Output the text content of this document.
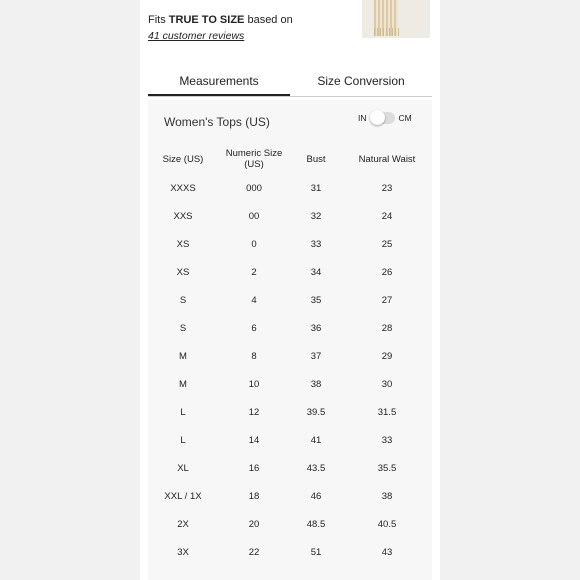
Fits TRUE TO SIZE based on
41 customer reviews
Measurements	Size Conversion
Women's Tops (US)	IN	CM
Size (US)	Numeric Size (US)	Bust	Natural Waist
XXXS	000	31	23
XXS	00	32	24
XS	0	33	25
XS	2	34	26
S	4	35	27
S	6	36	28
M	8	37	29
M	10	38	30
L	12	39.5	31.5
L	14	41	33
XL	16	43.5	35.5
XXL / 1X	18	46	38
2X	20	48.5	40.5
3X	22	51	43
